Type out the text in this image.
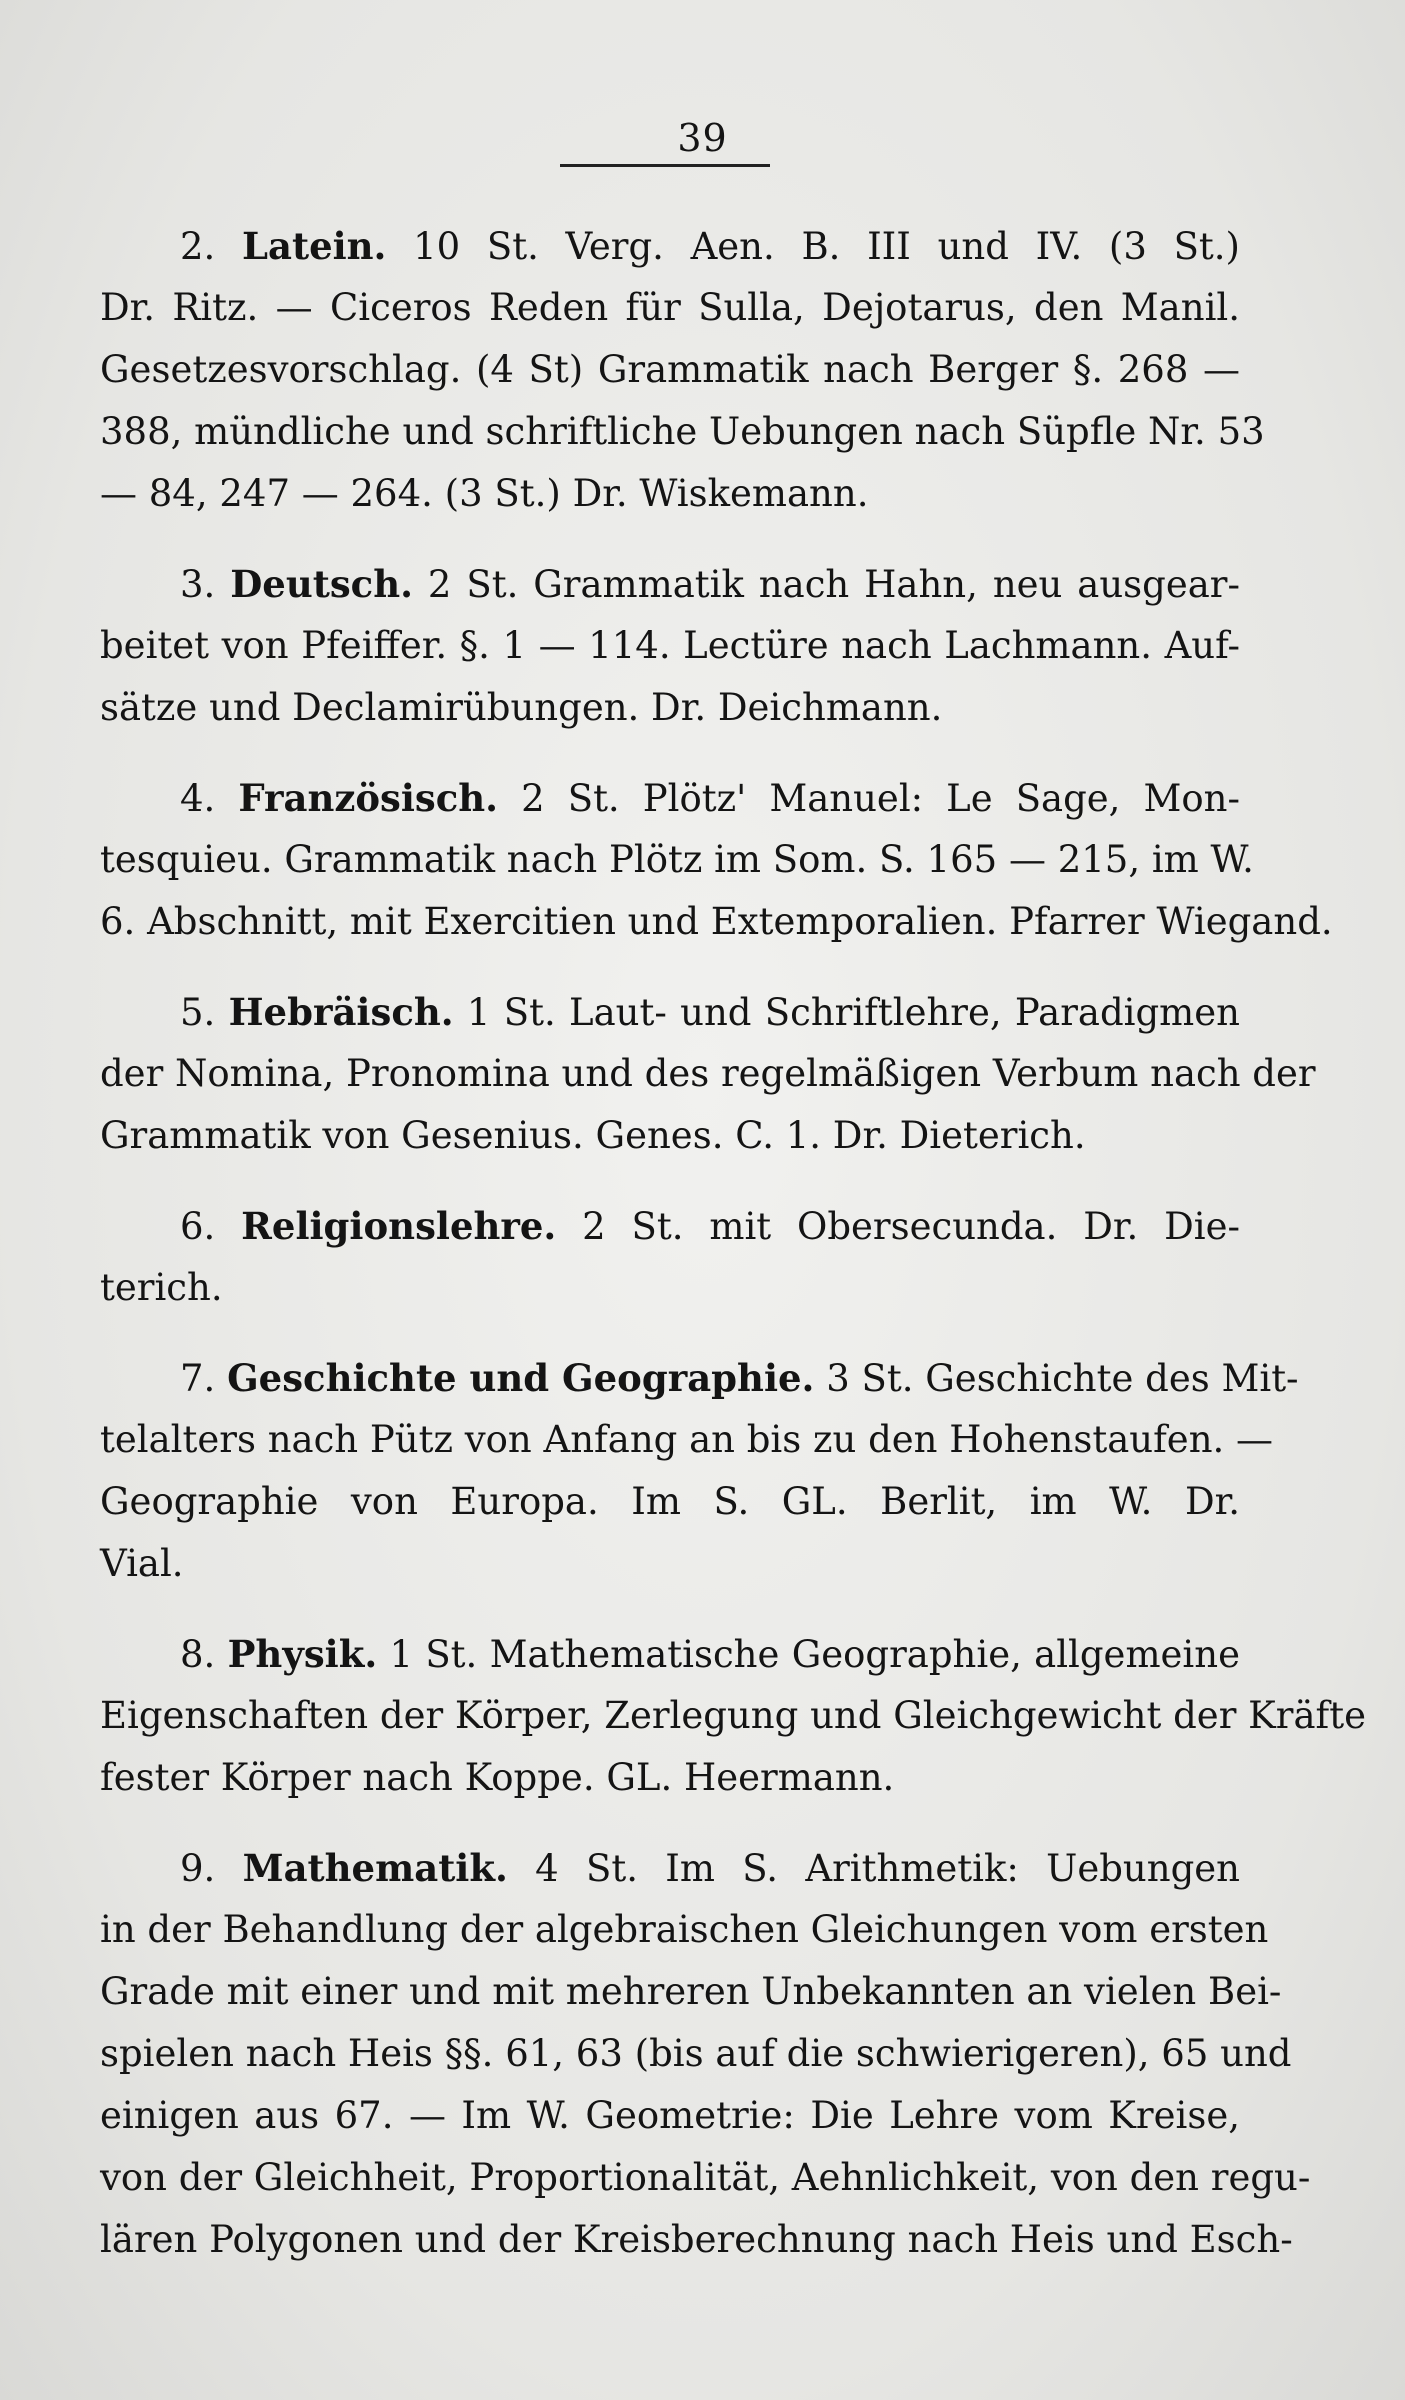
39
2. Latein. 10 St. Verg. Aen. B. III und IV. (3 St.)
Dr. Ritz. — Ciceros Reden für Sulla, Dejotarus, den Manil.
Gesetzesvorschlag. (4 St) Grammatik nach Berger §. 268 —
388, mündliche und schriftliche Uebungen nach Süpfle Nr. 53
— 84, 247 — 264. (3 St.) Dr. Wiskemann.
3. Deutsch. 2 St. Grammatik nach Hahn, neu ausgear-
beitet von Pfeiffer. §. 1 — 114. Lectüre nach Lachmann. Auf-
sätze und Declamirübungen. Dr. Deichmann.
4. Französisch. 2 St. Plötz' Manuel: Le Sage, Mon-
tesquieu. Grammatik nach Plötz im Som. S. 165 — 215, im W.
6. Abschnitt, mit Exercitien und Extemporalien. Pfarrer Wiegand.
5. Hebräisch. 1 St. Laut- und Schriftlehre, Paradigmen
der Nomina, Pronomina und des regelmäßigen Verbum nach der
Grammatik von Gesenius. Genes. C. 1. Dr. Dieterich.
6. Religionslehre. 2 St. mit Obersecunda. Dr. Die-
terich.
7. Geschichte und Geographie. 3 St. Geschichte des Mit-
telalters nach Pütz von Anfang an bis zu den Hohenstaufen. —
Geographie von Europa. Im S. GL. Berlit, im W. Dr.
Vial.
8. Physik. 1 St. Mathematische Geographie, allgemeine
Eigenschaften der Körper, Zerlegung und Gleichgewicht der Kräfte
fester Körper nach Koppe. GL. Heermann.
9. Mathematik. 4 St. Im S. Arithmetik: Uebungen
in der Behandlung der algebraischen Gleichungen vom ersten
Grade mit einer und mit mehreren Unbekannten an vielen Bei-
spielen nach Heis §§. 61, 63 (bis auf die schwierigeren), 65 und
einigen aus 67. — Im W. Geometrie: Die Lehre vom Kreise,
von der Gleichheit, Proportionalität, Aehnlichkeit, von den regu-
lären Polygonen und der Kreisberechnung nach Heis und Esch-
